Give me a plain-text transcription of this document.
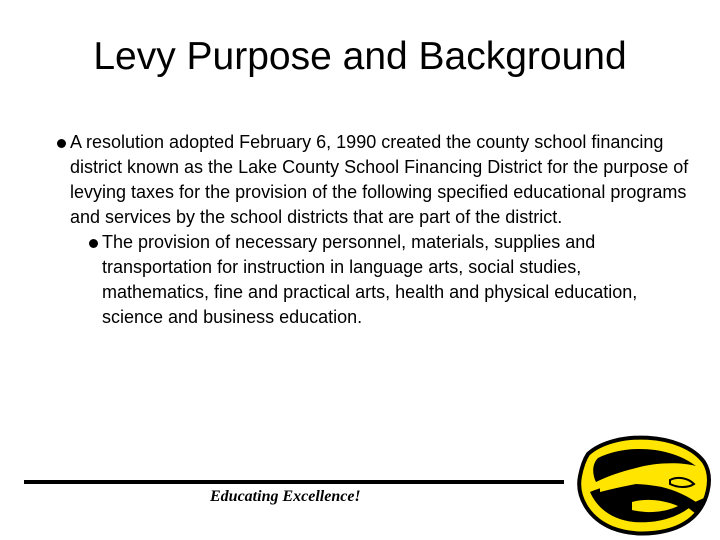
Levy Purpose and Background
A resolution adopted February 6, 1990 created the county school financing district known as the Lake County School Financing District for the purpose of levying taxes for the provision of the following specified educational programs and services by the school districts that are part of the district.
The provision of necessary personnel, materials, supplies and transportation for instruction in language arts, social studies, mathematics, fine and practical arts, health and physical education, science and business education.
Educating Excellence!
